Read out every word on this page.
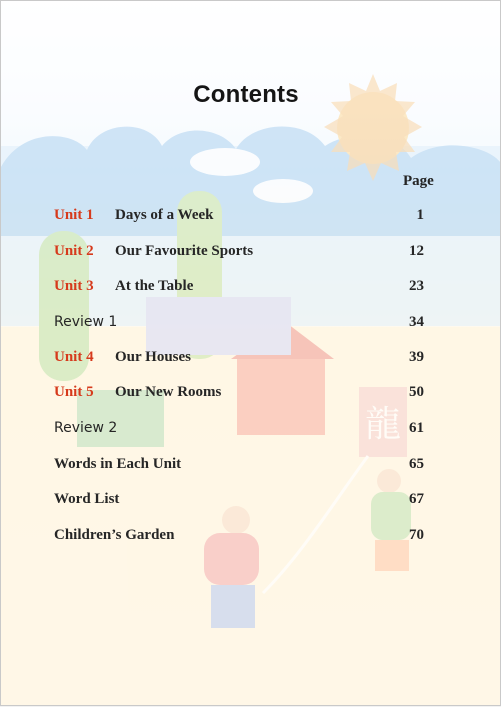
龍
Contents
Page
Unit 1 Days of a Week	1
Unit 2 Our Favourite Sports	12
Unit 3 At the Table	23
Review 1	34
Unit 4 Our Houses	39
Unit 5 Our New Rooms	50
Review 2	61
Words in Each Unit	65
Word List	67
Children’s Garden	70
